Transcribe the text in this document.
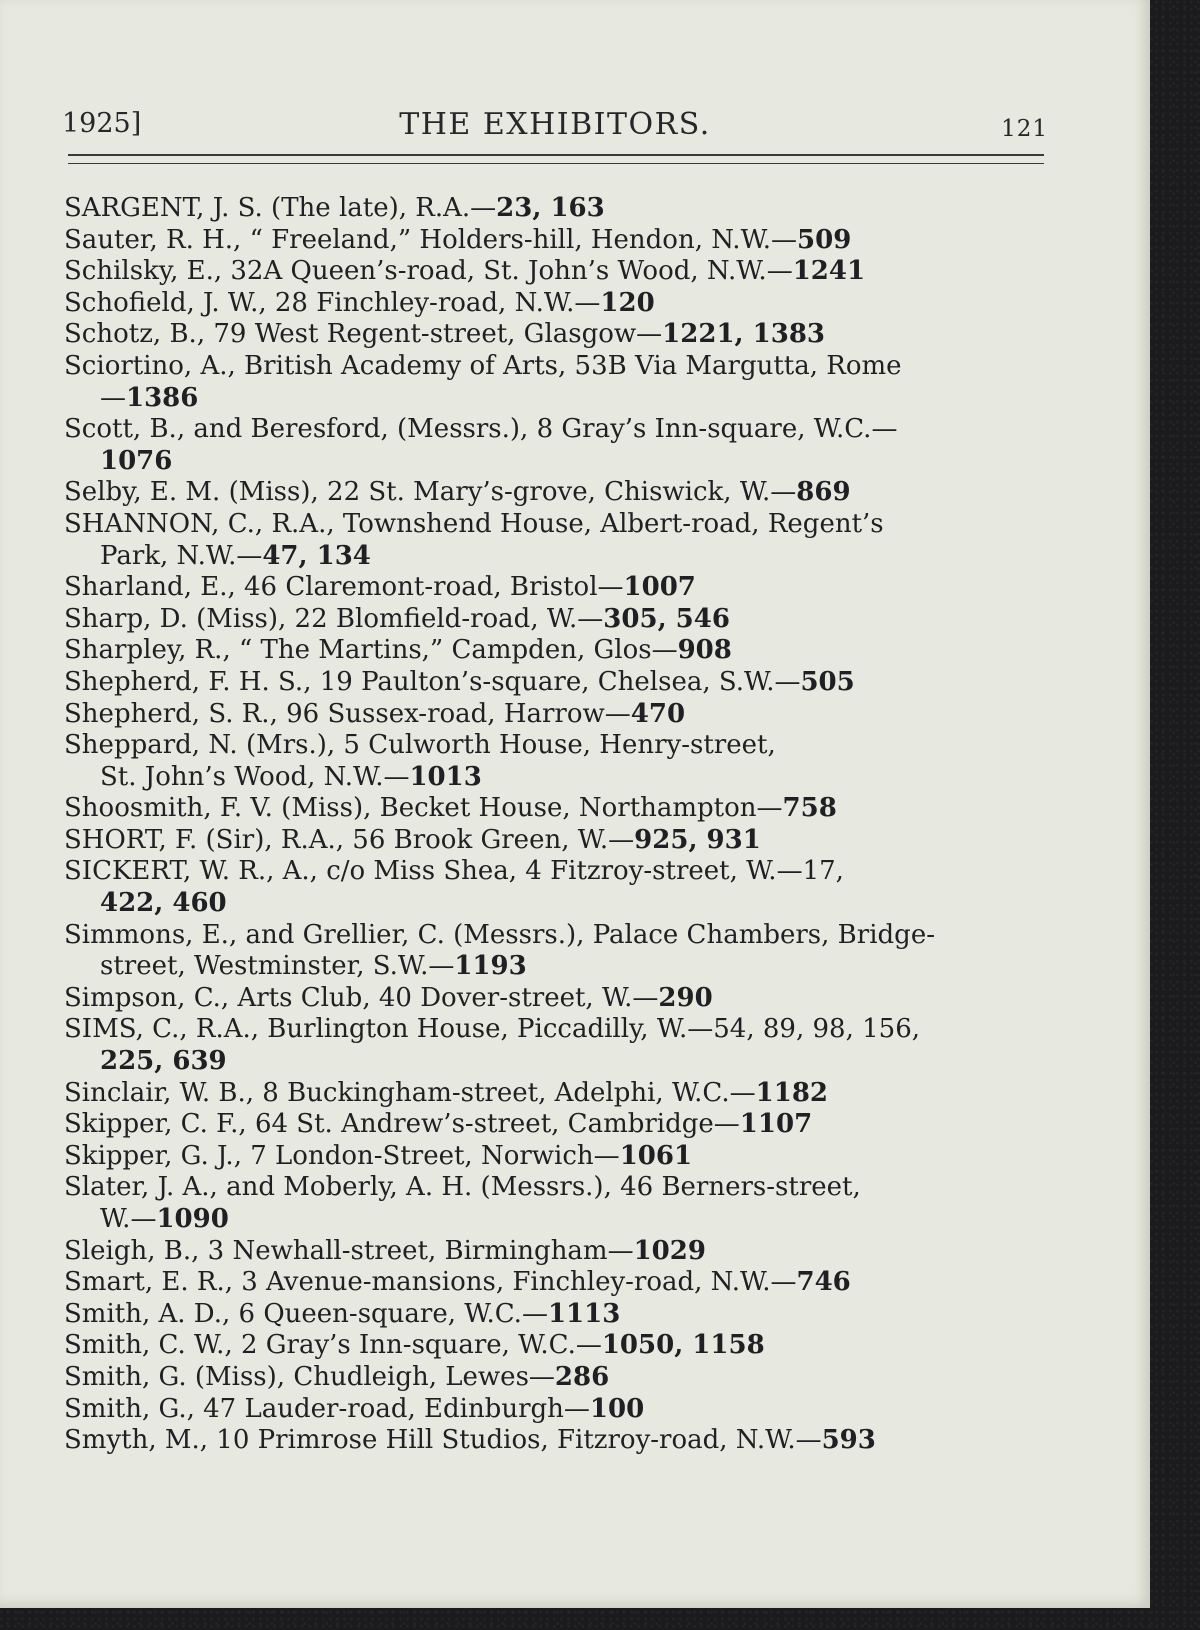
1925]	THE EXHIBITORS.	121
SARGENT, J. S. (The late), R.A.—23, 163
Sauter, R. H., “ Freeland,” Holders-hill, Hendon, N.W.—509
Schilsky, E., 32A Queen’s-road, St. John’s Wood, N.W.—1241
Schofield, J. W., 28 Finchley-road, N.W.—120
Schotz, B., 79 West Regent-street, Glasgow—1221, 1383
Sciortino, A., British Academy of Arts, 53B Via Margutta, Rome
—1386
Scott, B., and Beresford, (Messrs.), 8 Gray’s Inn-square, W.C.—
1076
Selby, E. M. (Miss), 22 St. Mary’s-grove, Chiswick, W.—869
SHANNON, C., R.A., Townshend House, Albert-road, Regent’s
Park, N.W.—47, 134
Sharland, E., 46 Claremont-road, Bristol—1007
Sharp, D. (Miss), 22 Blomfield-road, W.—305, 546
Sharpley, R., “ The Martins,” Campden, Glos—908
Shepherd, F. H. S., 19 Paulton’s-square, Chelsea, S.W.—505
Shepherd, S. R., 96 Sussex-road, Harrow—470
Sheppard, N. (Mrs.), 5 Culworth House, Henry-street,
St. John’s Wood, N.W.—1013
Shoosmith, F. V. (Miss), Becket House, Northampton—758
SHORT, F. (Sir), R.A., 56 Brook Green, W.—925, 931
SICKERT, W. R., A., c/o Miss Shea, 4 Fitzroy-street, W.—17,
422, 460
Simmons, E., and Grellier, C. (Messrs.), Palace Chambers, Bridge-
street, Westminster, S.W.—1193
Simpson, C., Arts Club, 40 Dover-street, W.—290
SIMS, C., R.A., Burlington House, Piccadilly, W.—54, 89, 98, 156,
225, 639
Sinclair, W. B., 8 Buckingham-street, Adelphi, W.C.—1182
Skipper, C. F., 64 St. Andrew’s-street, Cambridge—1107
Skipper, G. J., 7 London-Street, Norwich—1061
Slater, J. A., and Moberly, A. H. (Messrs.), 46 Berners-street,
W.—1090
Sleigh, B., 3 Newhall-street, Birmingham—1029
Smart, E. R., 3 Avenue-mansions, Finchley-road, N.W.—746
Smith, A. D., 6 Queen-square, W.C.—1113
Smith, C. W., 2 Gray’s Inn-square, W.C.—1050, 1158
Smith, G. (Miss), Chudleigh, Lewes—286
Smith, G., 47 Lauder-road, Edinburgh—100
Smyth, M., 10 Primrose Hill Studios, Fitzroy-road, N.W.—593
